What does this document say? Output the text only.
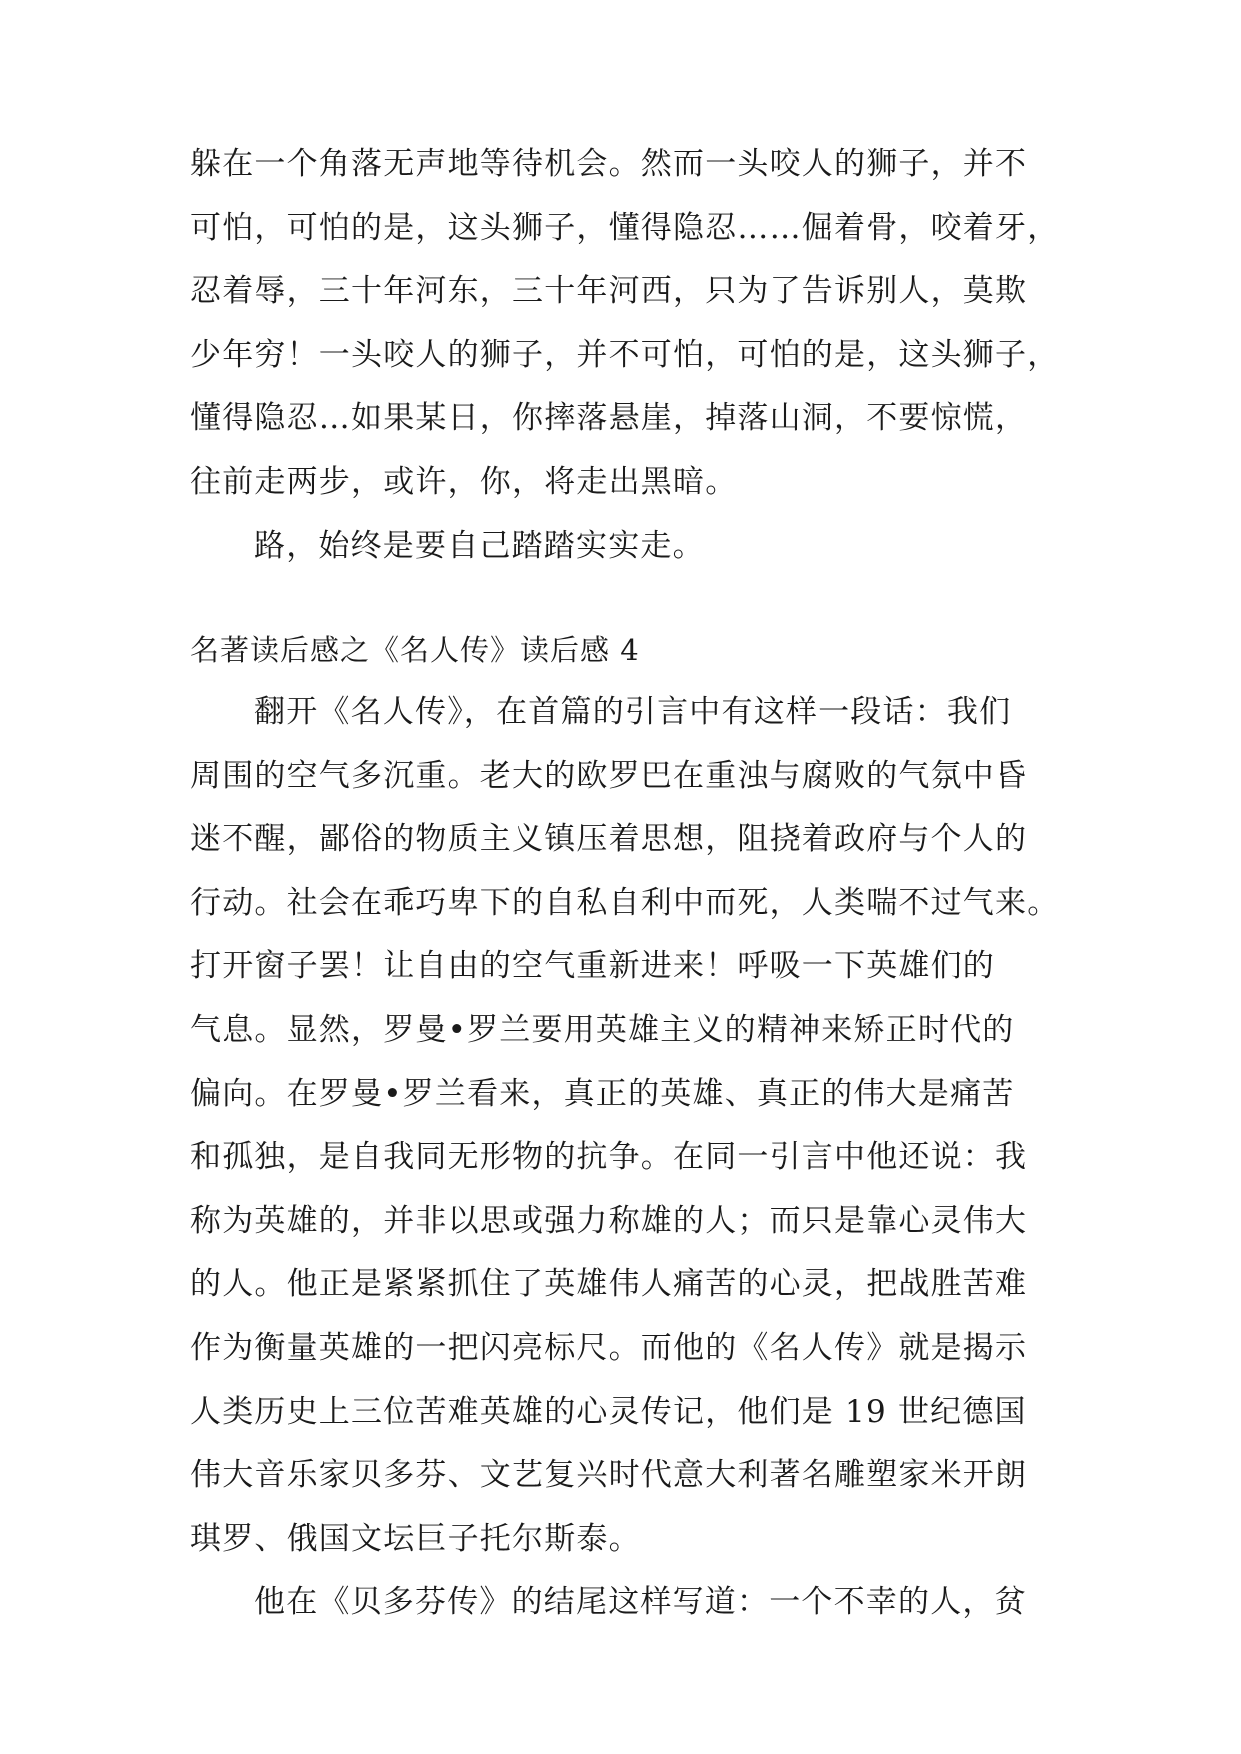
躲在一个角落无声地等待机会。然而一头咬人的狮子，并不
可怕，可怕的是，这头狮子，懂得隐忍……倔着骨，咬着牙，
忍着辱，三十年河东，三十年河西，只为了告诉别人，莫欺
少年穷！一头咬人的狮子，并不可怕，可怕的是，这头狮子，
懂得隐忍…如果某日，你摔落悬崖，掉落山洞，不要惊慌，
往前走两步，或许，你，将走出黑暗。
路，始终是要自己踏踏实实走。
名著读后感之《名人传》读后感 4
翻开《名人传》，在首篇的引言中有这样一段话：我们
周围的空气多沉重。老大的欧罗巴在重浊与腐败的气氛中昏
迷不醒，鄙俗的物质主义镇压着思想，阻挠着政府与个人的
行动。社会在乖巧卑下的自私自利中而死，人类喘不过气来。
打开窗子罢！让自由的空气重新进来！呼吸一下英雄们的
气息。显然，罗曼•罗兰要用英雄主义的精神来矫正时代的
偏向。在罗曼•罗兰看来，真正的英雄、真正的伟大是痛苦
和孤独，是自我同无形物的抗争。在同一引言中他还说：我
称为英雄的，并非以思或强力称雄的人；而只是靠心灵伟大
的人。他正是紧紧抓住了英雄伟人痛苦的心灵，把战胜苦难
作为衡量英雄的一把闪亮标尺。而他的《名人传》就是揭示
人类历史上三位苦难英雄的心灵传记，他们是 19 世纪德国
伟大音乐家贝多芬、文艺复兴时代意大利著名雕塑家米开朗
琪罗、俄国文坛巨子托尔斯泰。
他在《贝多芬传》的结尾这样写道：一个不幸的人，贫
